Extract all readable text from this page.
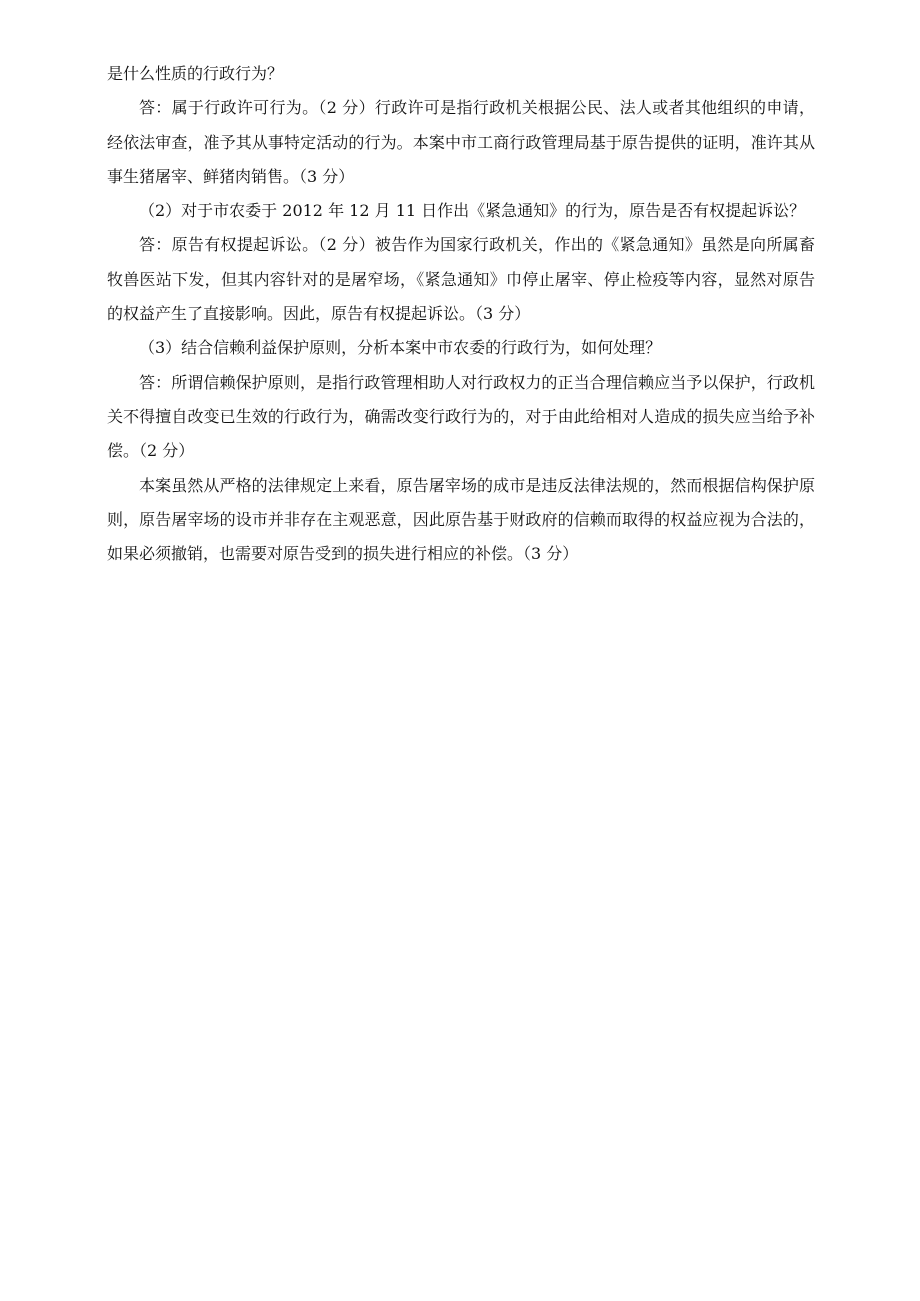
是什么性质的行政行为？

答：属于行政许可行为。（2 分）行政许可是指行政机关根据公民、法人或者其他组织的申请，经依法审查，准予其从事特定活动的行为。本案中市工商行政管理局基于原告提供的证明，准许其从事生猪屠宰、鲜猪肉销售。（3 分）

（2）对于市农委于 2012 年 12 月 11 日作出《紧急通知》的行为，原告是否有权提起诉讼？

答：原告有权提起诉讼。（2 分）被告作为国家行政机关，作出的《紧急通知》虽然是向所属畜牧兽医站下发，但其内容针对的是屠窄场，《紧急通知》巾停止屠宰、停止检疫等内容，显然对原告的权益产生了直接影响。因此，原告有权提起诉讼。（3 分）

（3）结合信赖利益保护原则，分析本案中市农委的行政行为，如何处理？

答：所谓信赖保护原则，是指行政管理相助人对行政权力的正当合理信赖应当予以保护，行政机关不得擅自改变已生效的行政行为，确需改变行政行为的，对于由此给相对人造成的损失应当给予补偿。（2 分）

本案虽然从严格的法律规定上来看，原告屠宰场的成市是违反法律法规的，然而根据信构保护原则，原告屠宰场的设市并非存在主观恶意，因此原告基于财政府的信赖而取得的权益应视为合法的，如果必须撤销，也需要对原告受到的损失进行相应的补偿。（3 分）
